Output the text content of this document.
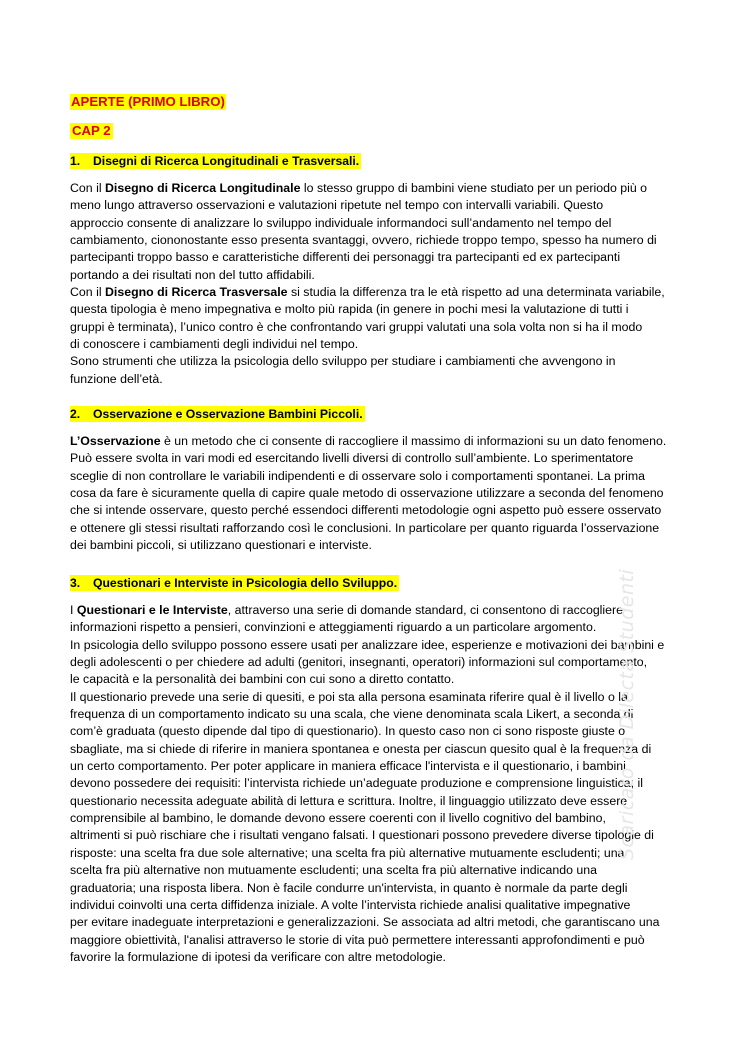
APERTE (PRIMO LIBRO)
CAP 2
1. Disegni di Ricerca Longitudinali e Trasversali.
Con il Disegno di Ricerca Longitudinale lo stesso gruppo di bambini viene studiato per un periodo più o
meno lungo attraverso osservazioni e valutazioni ripetute nel tempo con intervalli variabili. Questo
approccio consente di analizzare lo sviluppo individuale informandoci sull’andamento nel tempo del
cambiamento, ciononostante esso presenta svantaggi, ovvero, richiede troppo tempo, spesso ha numero di
partecipanti troppo basso e caratteristiche differenti dei personaggi tra partecipanti ed ex partecipanti
portando a dei risultati non del tutto affidabili.
Con il Disegno di Ricerca Trasversale si studia la differenza tra le età rispetto ad una determinata variabile,
questa tipologia è meno impegnativa e molto più rapida (in genere in pochi mesi la valutazione di tutti i
gruppi è terminata), l’unico contro è che confrontando vari gruppi valutati una sola volta non si ha il modo
di conoscere i cambiamenti degli individui nel tempo.
Sono strumenti che utilizza la psicologia dello sviluppo per studiare i cambiamenti che avvengono in
funzione dell’età.
2. Osservazione e Osservazione Bambini Piccoli.
L’Osservazione è un metodo che ci consente di raccogliere il massimo di informazioni su un dato fenomeno.
Può essere svolta in vari modi ed esercitando livelli diversi di controllo sull’ambiente. Lo sperimentatore
sceglie di non controllare le variabili indipendenti e di osservare solo i comportamenti spontanei. La prima
cosa da fare è sicuramente quella di capire quale metodo di osservazione utilizzare a seconda del fenomeno
che si intende osservare, questo perché essendoci differenti metodologie ogni aspetto può essere osservato
e ottenere gli stessi risultati rafforzando così le conclusioni. In particolare per quanto riguarda l’osservazione
dei bambini piccoli, si utilizzano questionari e interviste.
3. Questionari e Interviste in Psicologia dello Sviluppo.
I Questionari e le Interviste, attraverso una serie di domande standard, ci consentono di raccogliere
informazioni rispetto a pensieri, convinzioni e atteggiamenti riguardo a un particolare argomento.
In psicologia dello sviluppo possono essere usati per analizzare idee, esperienze e motivazioni dei bambini e
degli adolescenti o per chiedere ad adulti (genitori, insegnanti, operatori) informazioni sul comportamento,
le capacità e la personalità dei bambini con cui sono a diretto contatto.
Il questionario prevede una serie di quesiti, e poi sta alla persona esaminata riferire qual è il livello o la
frequenza di un comportamento indicato su una scala, che viene denominata scala Likert, a seconda di
com’è graduata (questo dipende dal tipo di questionario). In questo caso non ci sono risposte giuste o
sbagliate, ma si chiede di riferire in maniera spontanea e onesta per ciascun quesito qual è la frequenza di
un certo comportamento. Per poter applicare in maniera efficace l'intervista e il questionario, i bambini
devono possedere dei requisiti: l’intervista richiede un’adeguate produzione e comprensione linguistica; il
questionario necessita adeguate abilità di lettura e scrittura. Inoltre, il linguaggio utilizzato deve essere
comprensibile al bambino, le domande devono essere coerenti con il livello cognitivo del bambino,
altrimenti si può rischiare che i risultati vengano falsati. I questionari possono prevedere diverse tipologie di
risposte: una scelta fra due sole alternative; una scelta fra più alternative mutuamente escludenti; una
scelta fra più alternative non mutuamente escludenti; una scelta fra più alternative indicando una
graduatoria; una risposta libera. Non è facile condurre un'intervista, in quanto è normale da parte degli
individui coinvolti una certa diffidenza iniziale. A volte l’intervista richiede analisi qualitative impegnative
per evitare inadeguate interpretazioni e generalizzazioni. Se associata ad altri metodi, che garantiscano una
maggiore obiettività, l'analisi attraverso le storie di vita può permettere interessanti approfondimenti e può
favorire la formulazione di ipotesi da verificare con altre metodologie.
Scaricato da Dilecta Studenti
